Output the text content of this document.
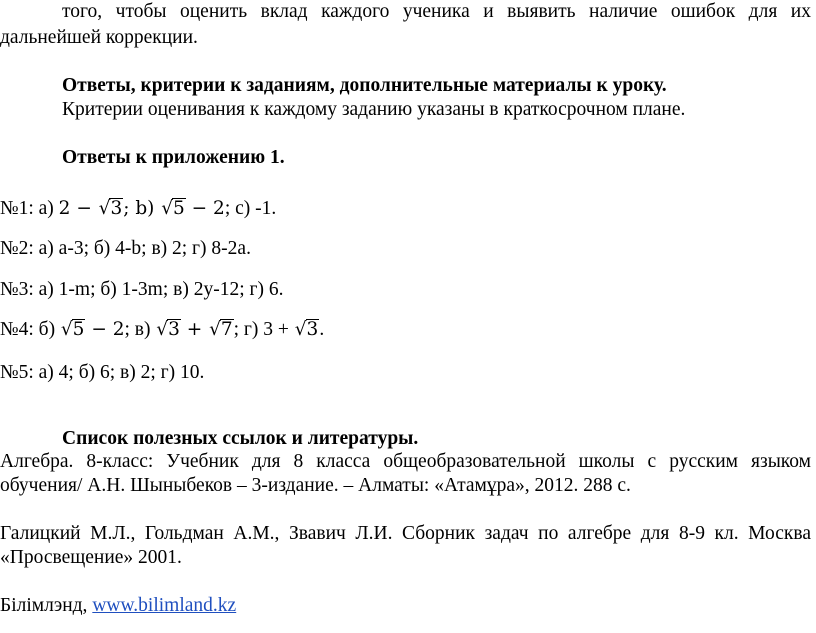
того, чтобы оценить вклад каждого ученика и выявить наличие ошибок для их
дальнейшей коррекции.
Ответы, критерии к заданиям, дополнительные материалы к уроку.
Критерии оценивания к каждому заданию указаны в краткосрочном плане.
Ответы к приложению 1.
№1: а) 2 − √3; b) √5 − 2; c) -1.
№2: а) а-3; б) 4-b; в) 2; г) 8-2а.
№3: а) 1-m; б) 1-3m; в) 2y-12; г) 6.
№4: б) √5 − 2; в) √3 + √7; г) 3 + √3.
№5: а) 4; б) 6; в) 2; г) 10.
Список полезных ссылок и литературы.
Алгебра. 8-класс: Учебник для 8 класса общеобразовательной школы с русским языком
обучения/ А.Н. Шыныбеков – 3-издание. – Алматы: «Атамұра», 2012. 288 с.
Галицкий М.Л., Гольдман А.М., Звавич Л.И. Сборник задач по алгебре для 8-9 кл. Москва
«Просвещение» 2001.
Білімлэнд, www.bilimland.kz
